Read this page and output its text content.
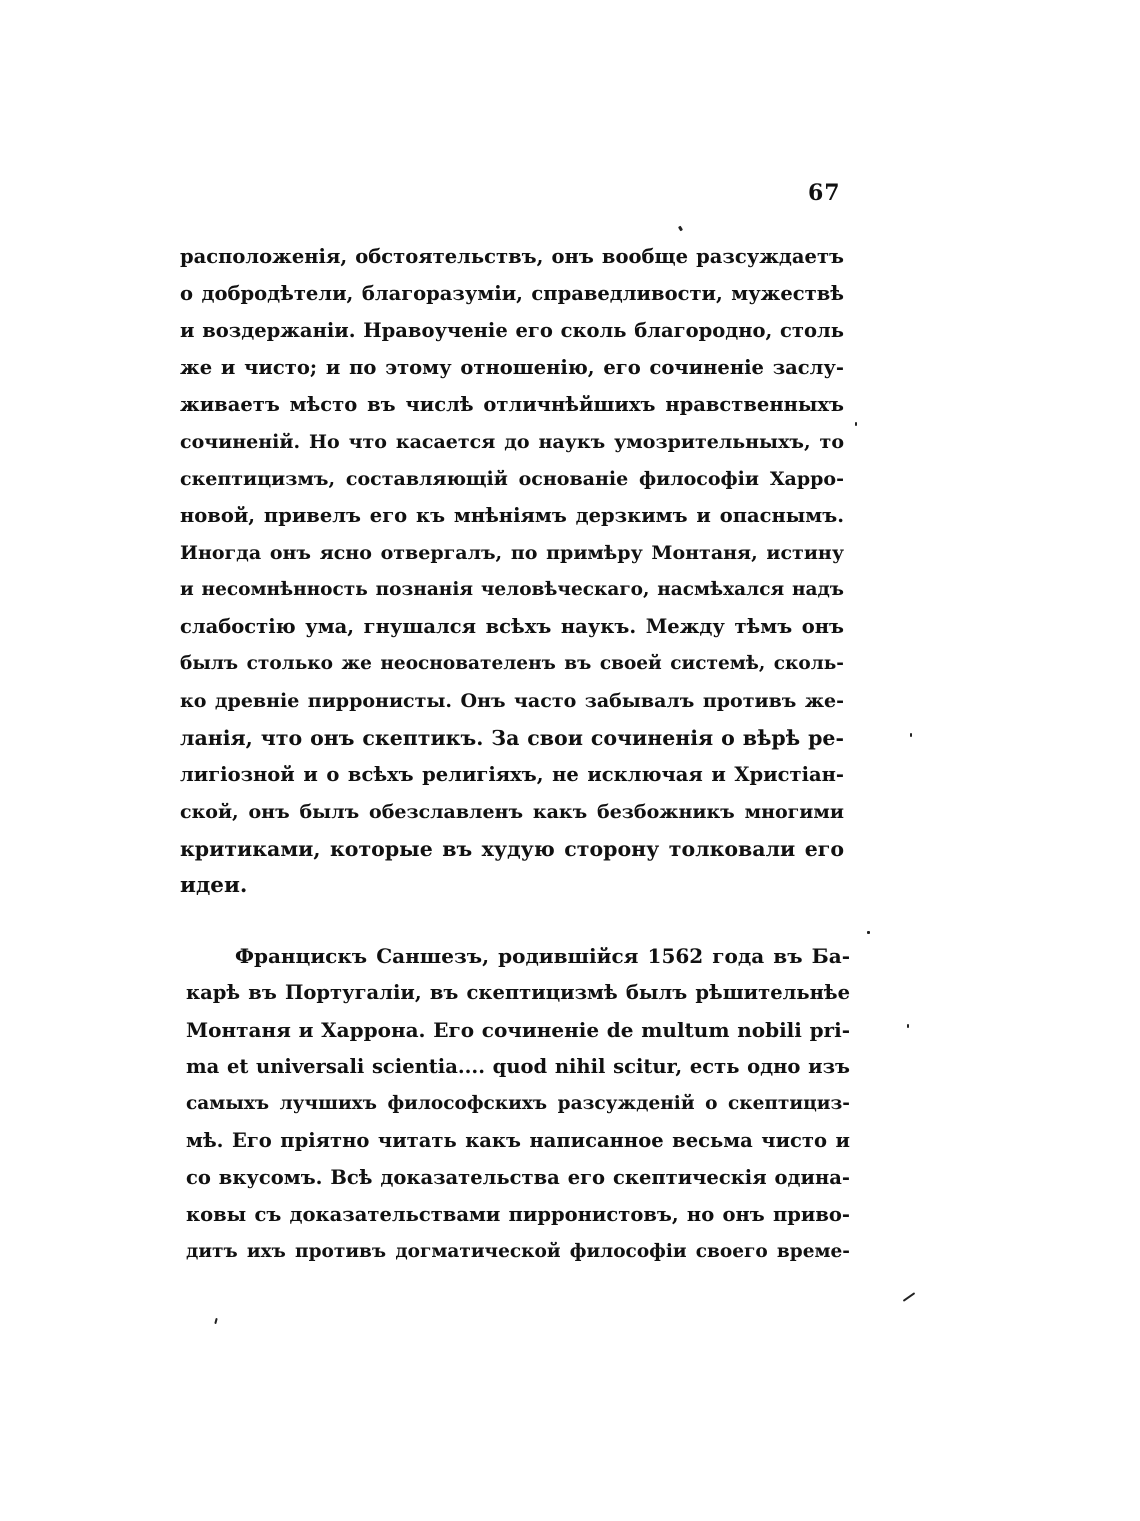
67
расположенія, обстоятельствъ, онъ вообще разсуждаетъ
о добродѣтели, благоразуміи, справедливости, мужествѣ
и воздержаніи. Нравоученіе его сколь благородно, столь
же и чисто; и по этому отношенію, его сочиненіе заслу-
живаетъ мѣсто въ числѣ отличнѣйшихъ нравственныхъ
сочиненій. Но что касается до наукъ умозрительныхъ, то
скептицизмъ, составляющій основаніе философіи Харро-
новой, привелъ его къ мнѣніямъ дерзкимъ и опаснымъ.
Иногда онъ ясно отвергалъ, по примѣру Монтаня, истину
и несомнѣнность познанія человѣческаго, насмѣхался надъ
слабостію ума, гнушался всѣхъ наукъ. Между тѣмъ онъ
былъ столько же неоснователенъ въ своей системѣ, сколь-
ко древніе пирронисты. Онъ часто забывалъ противъ же-
ланія, что онъ скептикъ. За свои сочиненія о вѣрѣ ре-
лигіозной и о всѣхъ религіяхъ, не исключая и Христіан-
ской, онъ былъ обезславленъ какъ безбожникъ многими
критиками, которые въ худую сторону толковали его
идеи.
Францискъ Саншезъ, родившійся 1562 года въ Ба-
карѣ въ Португаліи, въ скептицизмѣ былъ рѣшительнѣе
Монтаня и Харрона. Его сочиненіе de multum nobili pri-
ma et universali scientia.... quod nihil scitur, есть одно изъ
самыхъ лучшихъ философскихъ разсужденій о скептициз-
мѣ. Его пріятно читать какъ написанное весьма чисто и
со вкусомъ. Всѣ доказательства его скептическія одина-
ковы съ доказательствами пирронистовъ, но онъ приво-
дитъ ихъ противъ догматической философіи своего време-
